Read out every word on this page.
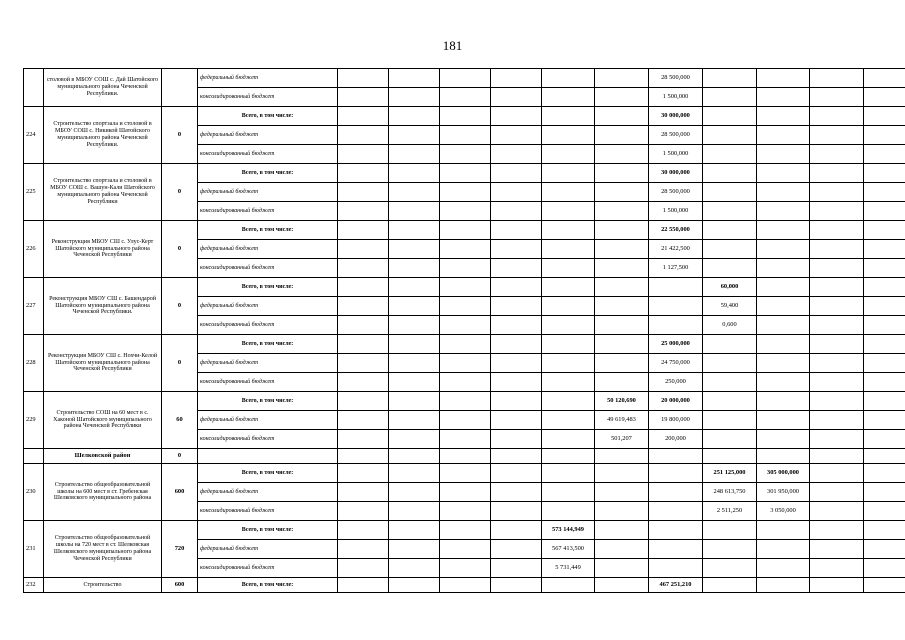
181
	столовой в МБОУ СОШ с. Дай Шатойского муниципального района Чеченской Республики.		федеральный бюджет							28 500,000				
			консолидированный бюджет							1 500,000				
224	Строительство спортзала и столовой в МБОУ СОШ с. Никикой Шатойского муниципального района Чеченской Республики.	0	Всего, в том числе:							30 000,000				
			федеральный бюджет							28 500,000				
			консолидированный бюджет							1 500,000				
225	Строительство спортзала и столовой в МБОУ СОШ с. Вашун-Кали Шатойского муниципального района Чеченской Республики	0	Всего, в том числе:							30 000,000				
			федеральный бюджет							28 500,000				
			консолидированный бюджет							1 500,000				
226	Реконструкция МБОУ СШ с. Улус-Керт Шатойского муниципального района Чеченской Республики	0	Всего, в том числе:							22 550,000				
			федеральный бюджет							21 422,500				
			консолидированный бюджет							1 127,500				
227	Реконструкция МБОУ СШ с. Башендарой Шатойского муниципального района Чеченской Республики.	0	Всего, в том числе:								60,000			
			федеральный бюджет								59,400			
			консолидированный бюджет								0,600			
228	Реконструкция МБОУ СШ с. Нохчи-Келой Шатойского муниципального района Чеченской Республики	0	Всего, в том числе:							25 000,000				
			федеральный бюджет							24 750,000				
			консолидированный бюджет							250,000				
229	Строительство СОШ на 60 мест в с. Хаконой Шатойского муниципального района Чеченской Республики	60	Всего, в том числе:						50 120,690	20 000,000				
			федеральный бюджет						49 619,483	19 800,000				
			консолидированный бюджет						501,207	200,000				
	Шелковской район	0												
230	Строительство общеобразовательной школы на 600 мест в ст. Гребенская Шелковского муниципального района	600	Всего, в том числе:								251 125,000	305 000,000		
			федеральный бюджет								248 613,750	301 950,000		
			консолидированный бюджет								2 511,250	3 050,000		
231	Строительство общеобразовательной школы на 720 мест в ст. Шелковская Шелковского муниципального района Чеченской Республики	720	Всего, в том числе:					573 144,949						
			федеральный бюджет					567 413,500						
			консолидированный бюджет					5 731,449						
232	Строительство	600	Всего, в том числе:							467 251,210				
